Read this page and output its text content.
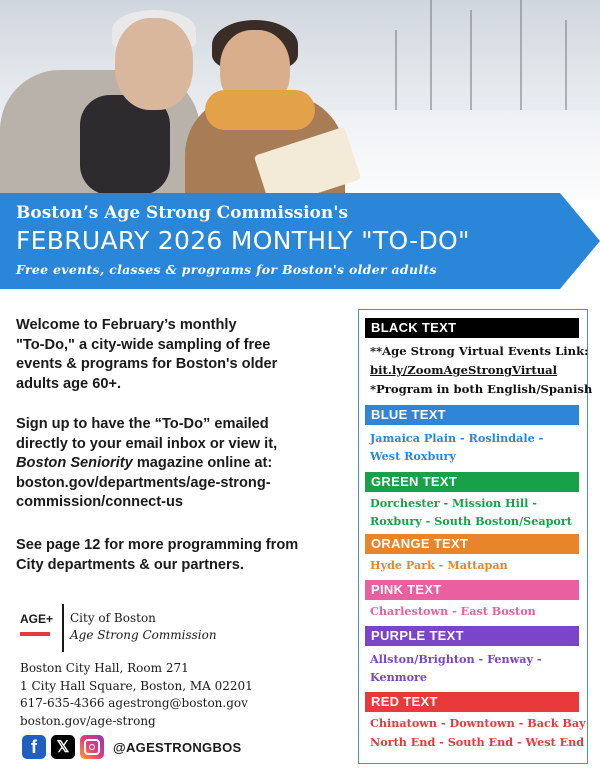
Boston’s Age Strong Commission's
FEBRUARY 2026 MONTHLY "TO-DO"
Free events, classes & programs for Boston's older adults

Welcome to February’s monthly

"To-Do," a city-wide sampling of free

events & programs for Boston's older

adults age 60+.

Sign up to have the “To-Do” emailed

directly to your email inbox or view it,

Boston Seniority magazine online at:

boston.gov/departments/age-strong-

commission/connect-us

See page 12 for more programming from

City departments & our partners.

AGE+ City of Boston
Age Strong Commission
Boston City Hall, Room 271
1 City Hall Square, Boston, MA 02201
617-635-4366 agestrong@boston.gov
boston.gov/age-strong
f	𝕏	@AGESTRONGBOS
BLACK TEXT
**Age Strong Virtual Events Link:
bit.ly/ZoomAgeStrongVirtual
*Program in both English/Spanish
BLUE TEXT
Jamaica Plain - Roslindale -
West Roxbury
GREEN TEXT
Dorchester - Mission Hill -
Roxbury - South Boston/Seaport
ORANGE TEXT
Hyde Park - Mattapan
PINK TEXT
Charlestown - East Boston
PURPLE TEXT
Allston/Brighton - Fenway -
Kenmore
RED TEXT
Chinatown - Downtown - Back Bay
North End - South End - West End
